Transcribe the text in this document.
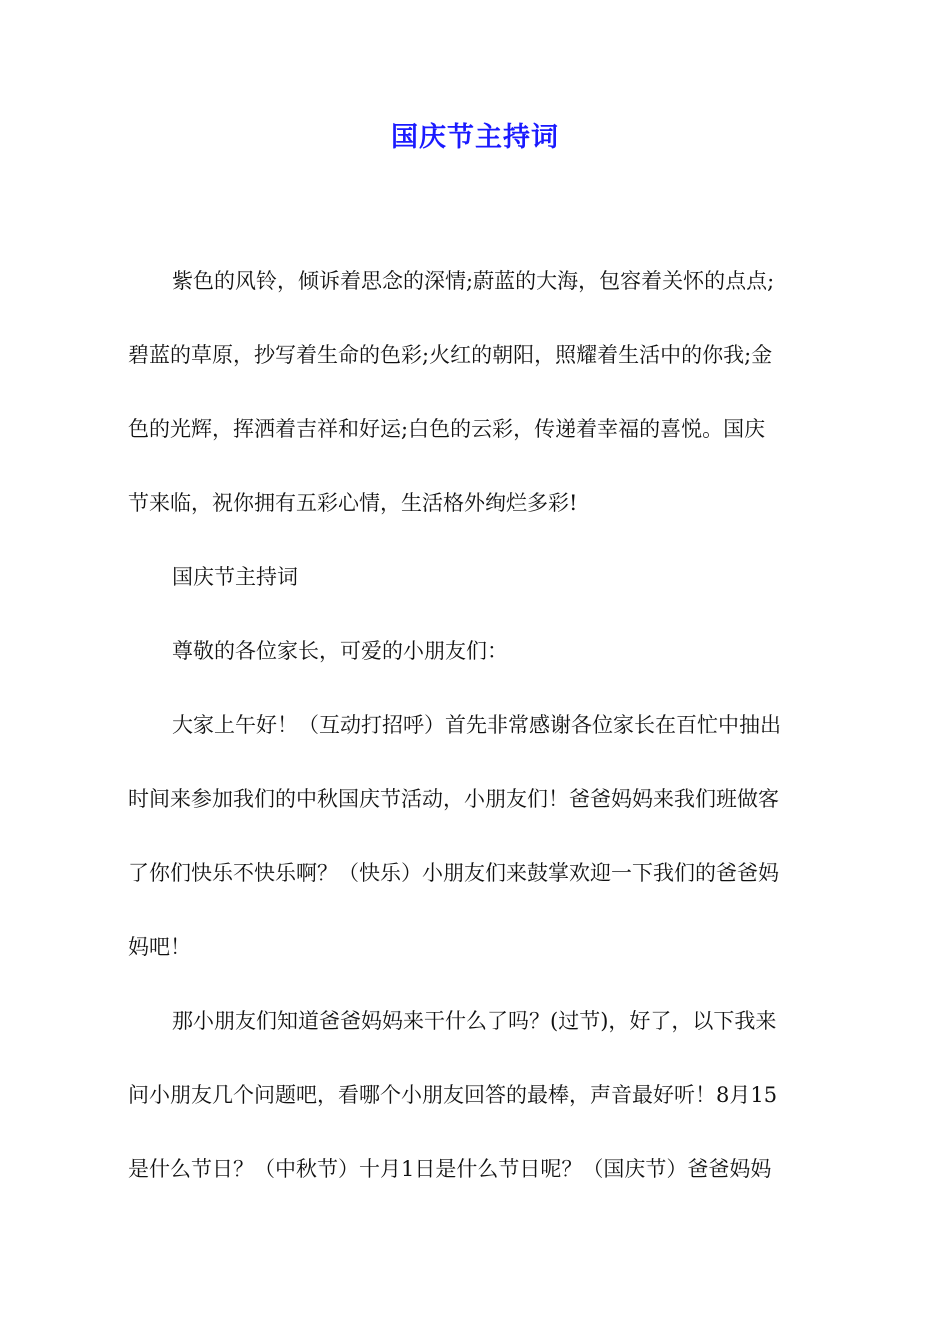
国庆节主持词
紫色的风铃，倾诉着思念的深情;蔚蓝的大海，包容着关怀的点点;
碧蓝的草原，抄写着生命的色彩;火红的朝阳，照耀着生活中的你我;金
色的光辉，挥洒着吉祥和好运;白色的云彩，传递着幸福的喜悦。国庆
节来临，祝你拥有五彩心情，生活格外绚烂多彩!
国庆节主持词
尊敬的各位家长，可爱的小朋友们：
大家上午好！（互动打招呼）首先非常感谢各位家长在百忙中抽出
时间来参加我们的中秋国庆节活动，小朋友们！爸爸妈妈来我们班做客
了你们快乐不快乐啊？（快乐）小朋友们来鼓掌欢迎一下我们的爸爸妈
妈吧！
那小朋友们知道爸爸妈妈来干什么了吗？(过节)，好了，以下我来
问小朋友几个问题吧，看哪个小朋友回答的最棒，声音最好听！8月15
是什么节日？（中秋节）十月1日是什么节日呢？（国庆节）爸爸妈妈
